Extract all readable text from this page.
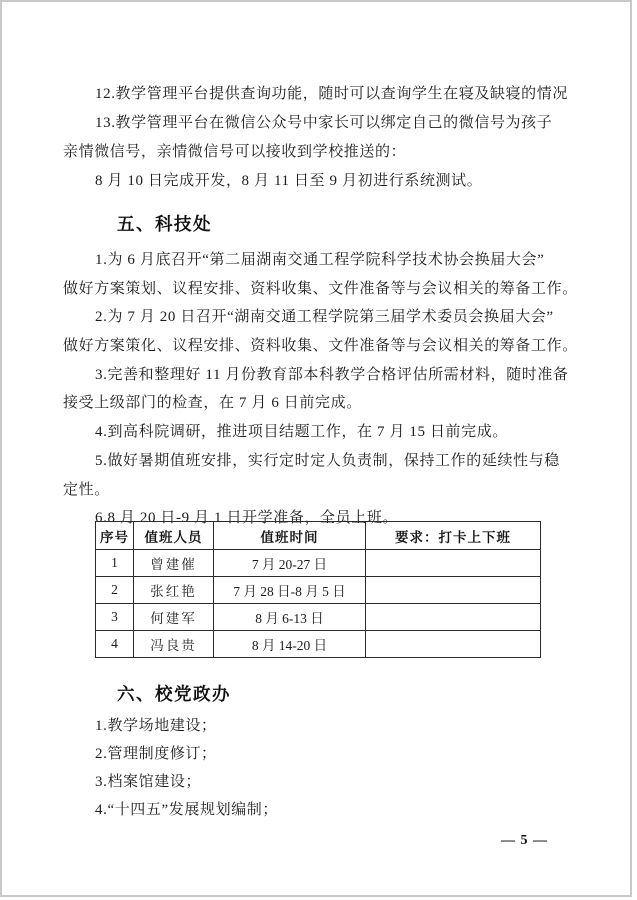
12.教学管理平台提供查询功能，随时可以查询学生在寝及缺寝的情况
13.教学管理平台在微信公众号中家长可以绑定自己的微信号为孩子
亲情微信号，亲情微信号可以接收到学校推送的：
8 月 10 日完成开发，8 月 11 日至 9 月初进行系统测试。
五、科技处
1.为 6 月底召开“第二届湖南交通工程学院科学技术协会换届大会”
做好方案策划、议程安排、资料收集、文件准备等与会议相关的筹备工作。
2.为 7 月 20 日召开“湖南交通工程学院第三届学术委员会换届大会”
做好方案策化、议程安排、资料收集、文件准备等与会议相关的筹备工作。
3.完善和整理好 11 月份教育部本科教学合格评估所需材料，随时准备
接受上级部门的检查，在 7 月 6 日前完成。
4.到高科院调研，推进项目结题工作，在 7 月 15 日前完成。
5.做好暑期值班安排，实行定时定人负责制，保持工作的延续性与稳
定性。
6.8 月 20 日-9 月 1 日开学准备，全员上班。
序号	值班人员	值班时间	要求：打卡上下班
1	曾建催	7 月 20-27 日	
2	张红艳	7 月 28 日-8 月 5 日	
3	何建军	8 月 6-13 日	
4	冯良贵	8 月 14-20 日	
六、校党政办
1.教学场地建设；
2.管理制度修订；
3.档案馆建设；
4.“十四五”发展规划编制；
— 5 —
